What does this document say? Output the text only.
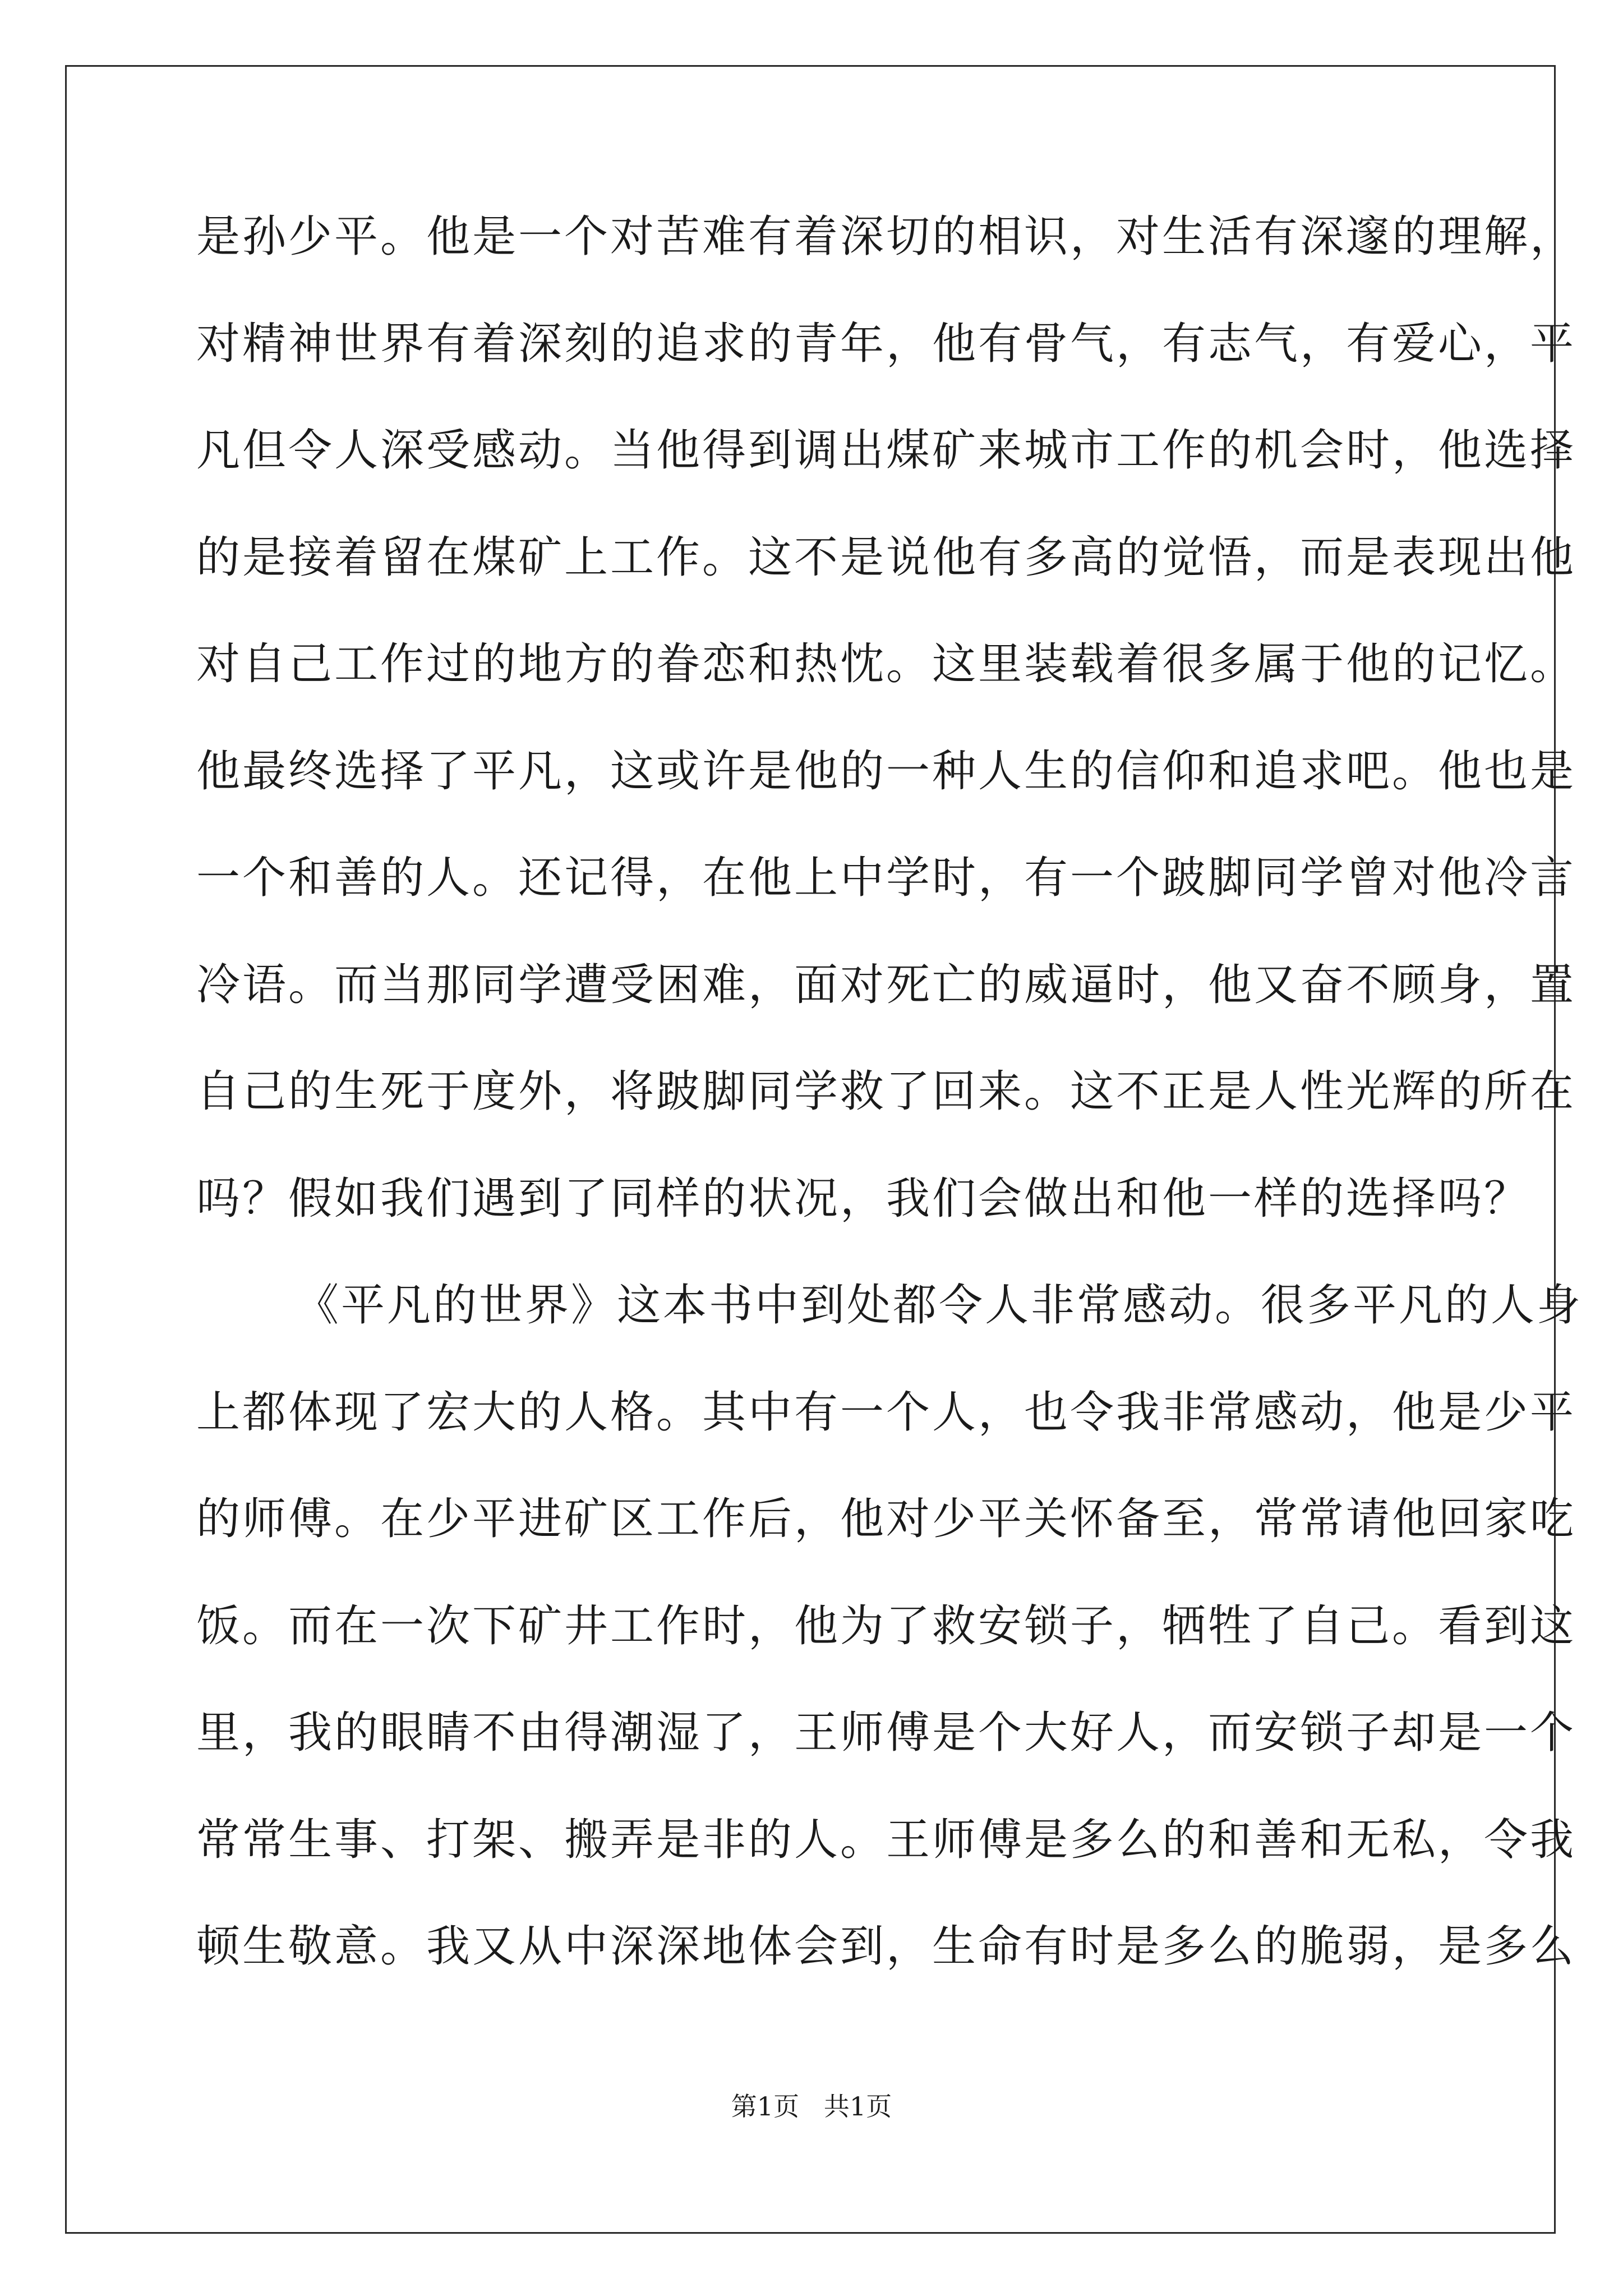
是孙少平。他是一个对苦难有着深切的相识，对生活有深邃的理解，
对精神世界有着深刻的追求的青年，他有骨气，有志气，有爱心，平
凡但令人深受感动。当他得到调出煤矿来城市工作的机会时，他选择
的是接着留在煤矿上工作。这不是说他有多高的觉悟，而是表现出他
对自己工作过的地方的眷恋和热忱。这里装载着很多属于他的记忆。
他最终选择了平凡，这或许是他的一种人生的信仰和追求吧。他也是
一个和善的人。还记得，在他上中学时，有一个跛脚同学曾对他冷言
冷语。而当那同学遭受困难，面对死亡的威逼时，他又奋不顾身，置
自己的生死于度外，将跛脚同学救了回来。这不正是人性光辉的所在
吗？假如我们遇到了同样的状况，我们会做出和他一样的选择吗？
《平凡的世界》这本书中到处都令人非常感动。很多平凡的人身
上都体现了宏大的人格。其中有一个人，也令我非常感动，他是少平
的师傅。在少平进矿区工作后，他对少平关怀备至，常常请他回家吃
饭。而在一次下矿井工作时，他为了救安锁子，牺牲了自己。看到这
里，我的眼睛不由得潮湿了，王师傅是个大好人，而安锁子却是一个
常常生事、打架、搬弄是非的人。王师傅是多么的和善和无私，令我
顿生敬意。我又从中深深地体会到，生命有时是多么的脆弱，是多么
第1页   共1页
